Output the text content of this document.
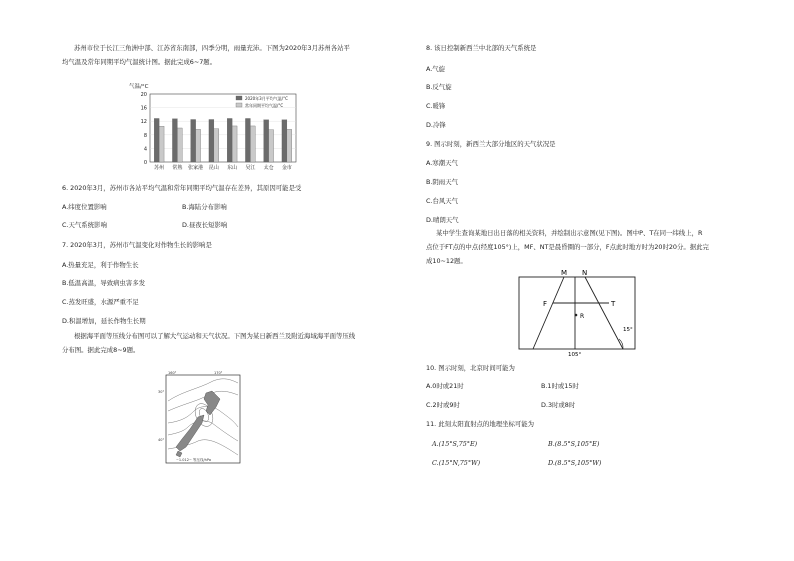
苏州市位于长江三角洲中部、江苏省东南部，四季分明，雨量充沛。下图为2020年3月苏州各站平
均气温及常年同期平均气温统计图。据此完成6~7题。
气温/°C
0
4
8
12
16
20
苏州 常熟 张家港 昆山 东山 吴江 太仓 金市
2020年3月平均气温/°C
常年同期平均气温/°C
6. 2020年3月，苏州市各站平均气温和常年同期平均气温存在差异，其原因可能是受
A.纬度位置影响	B.海陆分布影响
C.天气系统影响	D.昼夜长短影响
7. 2020年3月，苏州市气温变化对作物生长的影响是
A.热量充足，利于作物生长
B.低温高温，导致病虫害多发
C.蒸发旺盛，水源严重不足
D.积温增加，延长作物生长期
根据海平面等压线分布图可以了解大气运动和天气状况。下图为某日新西兰及附近海域海平面等压线
分布图。据此完成8~9题。
160°	170°
30°
40°
~1.012~ 等压线/hPa
8. 该日控制新西兰中北部的天气系统是
A.气旋
B.反气旋
C.暖锋
D.冷锋
9. 图示时刻，新西兰大部分地区的天气状况是
A.寒潮天气
B.阴雨天气
C.台风天气
D.晴朗天气
某中学生查询某地日出日落的相关资料，并绘制出示意图(见下图)。图中P、T在同一纬线上，R
点位于FT点的中点(经度105°)上，MF、NT是晨昏圈的一部分，F点此时地方时为20时20分。据此完
成10~12题。
M N
F	T
R
15°
105°
10. 图示时刻，北京时间可能为
A.0时或21时	B.1时或15时
C.2时或9时	D.3时或8时
11. 此刻太阳直射点的地理坐标可能为
A.(15°S,75°E)	B.(8.5°S,105°E)
C.(15°N,75°W)	D.(8.5°S,105°W)
